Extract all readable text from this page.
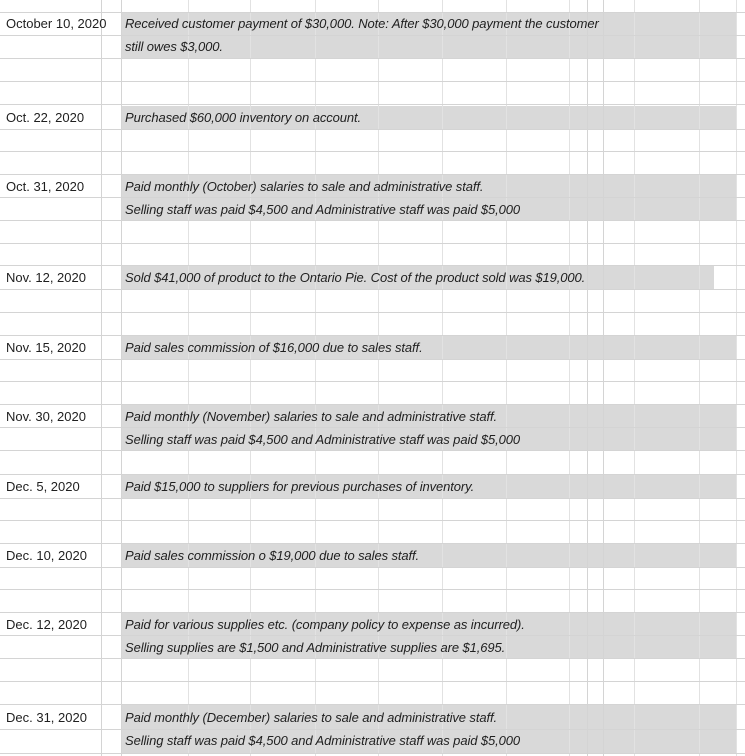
October 10, 2020 Received customer payment of $30,000. Note: After $30,000 payment the customer
still owes $3,000.
Oct. 22, 2020	Purchased $60,000 inventory on account.
Oct. 31, 2020	Paid monthly (October) salaries to sale and administrative staff.
Selling staff was paid $4,500 and Administrative staff was paid $5,000
Nov. 12, 2020	Sold $41,000 of product to the Ontario Pie. Cost of the product sold was $19,000.
Nov. 15, 2020	Paid sales commission of $16,000 due to sales staff.
Nov. 30, 2020	Paid monthly (November) salaries to sale and administrative staff.
Selling staff was paid $4,500 and Administrative staff was paid $5,000
Dec. 5, 2020	Paid $15,000 to suppliers for previous purchases of inventory.
Dec. 10, 2020	Paid sales commission o $19,000 due to sales staff.
Dec. 12, 2020	Paid for various supplies etc. (company policy to expense as incurred).
Selling supplies are $1,500 and Administrative supplies are $1,695.
Dec. 31, 2020	Paid monthly (December) salaries to sale and administrative staff.
Selling staff was paid $4,500 and Administrative staff was paid $5,000
